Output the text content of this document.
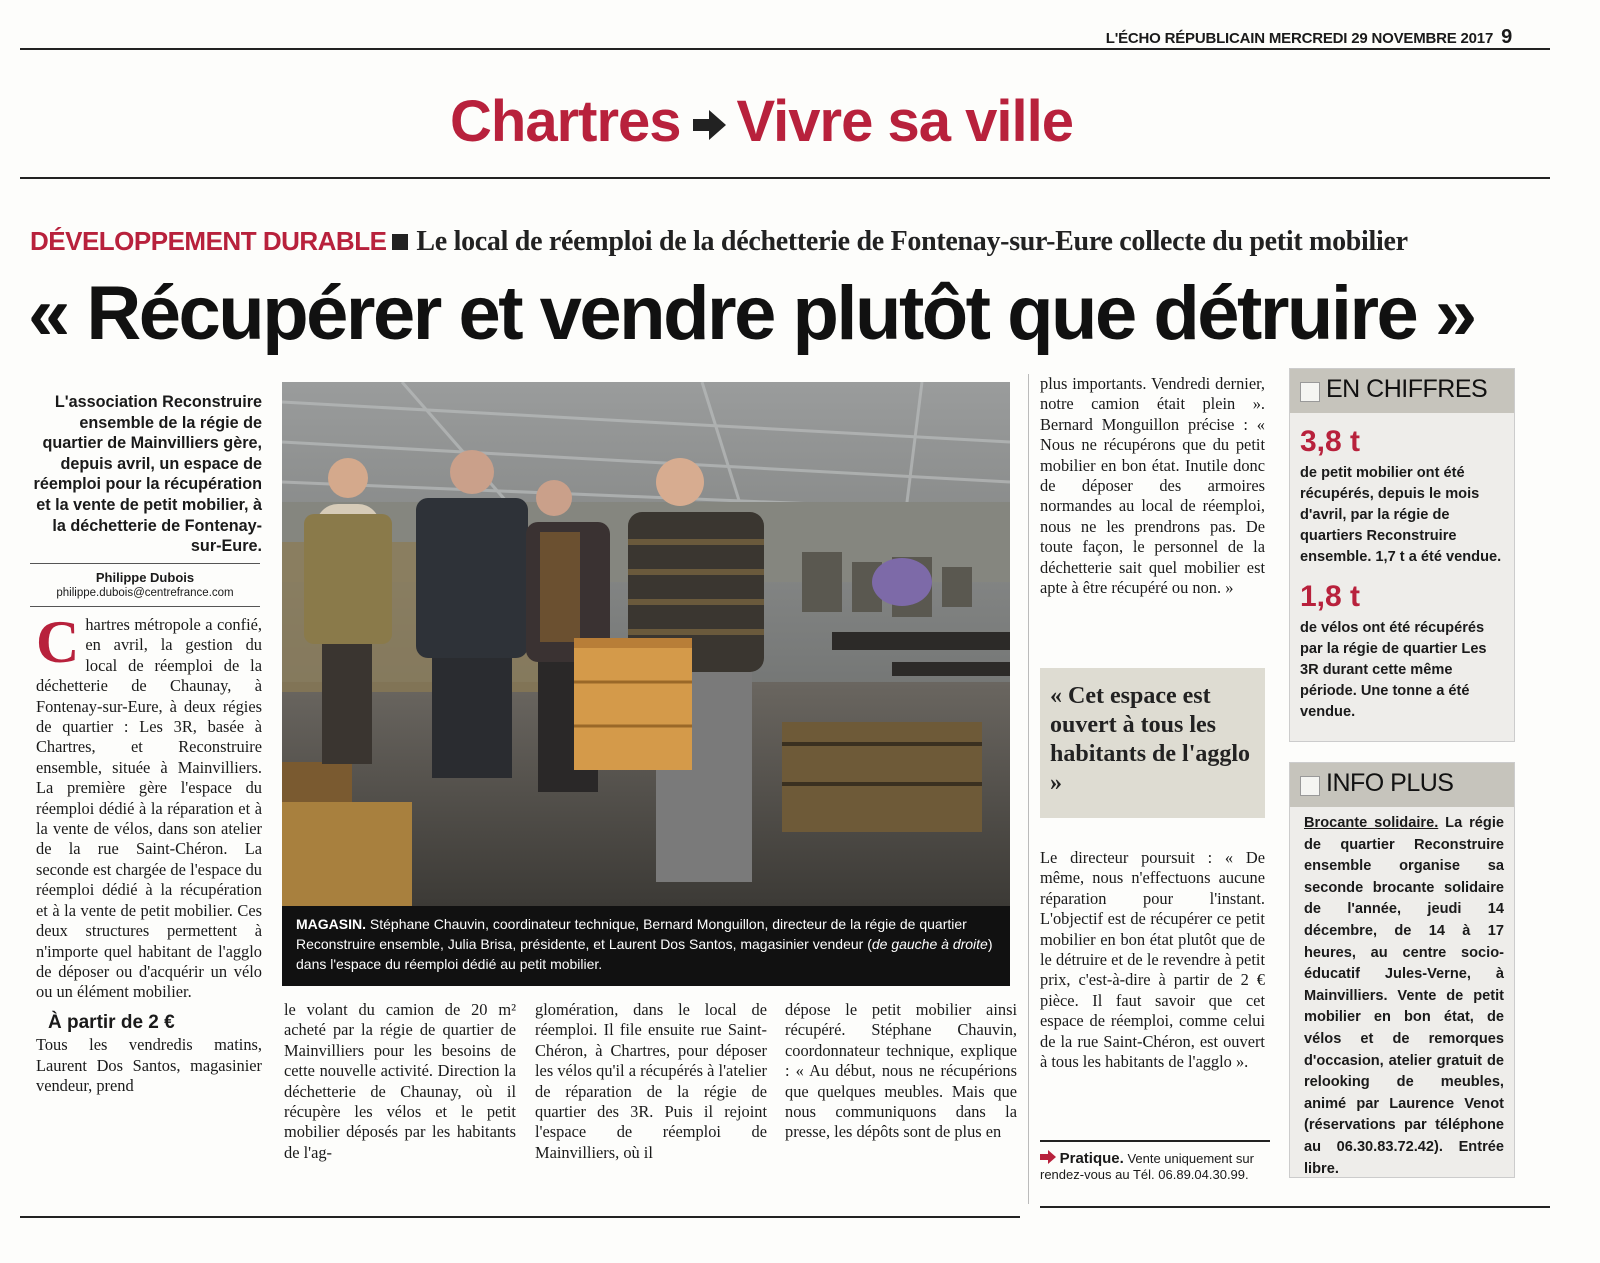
L'ÉCHO RÉPUBLICAIN MERCREDI 29 NOVEMBRE 2017 9
Chartres Vivre sa ville
DÉVELOPPEMENT DURABLE Le local de réemploi de la déchetterie de Fontenay-sur-Eure collecte du petit mobilier
« Récupérer et vendre plutôt que détruire »
L'association Reconstruire ensemble de la régie de quartier de Mainvilliers gère, depuis avril, un espace de réemploi pour la récupération et la vente de petit mobilier, à la déchetterie de Fontenay-sur-Eure.
Philippe Dubois
philippe.dubois@centrefrance.com

Chartres métropole a confié, en avril, la gestion du local de réemploi de la déchetterie de Chaunay, à Fontenay-sur-Eure, à deux régies de quartier : Les 3R, basée à Chartres, et Reconstruire ensemble, située à Mainvilliers. La première gère l'espace du réemploi dédié à la réparation et à la vente de vélos, dans son atelier de la rue Saint-Chéron. La seconde est chargée de l'espace du réemploi dédié à la récupération et à la vente de petit mobilier. Ces deux structures permettent à n'importe quel habitant de l'agglo de déposer ou d'acquérir un vélo ou un élément mobilier.

À partir de 2 €

Tous les vendredis matins, Laurent Dos Santos, magasinier vendeur, prend

MAGASIN. Stéphane Chauvin, coordinateur technique, Bernard Monguillon, directeur de la régie de quartier Reconstruire ensemble, Julia Brisa, présidente, et Laurent Dos Santos, magasinier vendeur (de gauche à droite) dans l'espace du réemploi dédié au petit mobilier.
le volant du camion de 20 m² acheté par la régie de quartier de Mainvilliers pour les besoins de cette nouvelle activité. Direction la déchetterie de Chaunay, où il récupère les vélos et le petit mobilier déposés par les habitants de l'ag-
glomération, dans le local de réemploi. Il file ensuite rue Saint-Chéron, à Chartres, pour déposer les vélos qu'il a récupérés à l'atelier de réparation de la régie de quartier des 3R. Puis il rejoint l'espace de réemploi de Mainvilliers, où il
dépose le petit mobilier ainsi récupéré. Stéphane Chauvin, coordonnateur technique, explique : « Au début, nous ne récupérions que quelques meubles. Mais que nous communiquons dans la presse, les dépôts sont de plus en
plus importants. Vendredi dernier, notre camion était plein ». Bernard Monguillon précise : « Nous ne récupérons que du petit mobilier en bon état. Inutile donc de déposer des armoires normandes au local de réemploi, nous ne les prendrons pas. De toute façon, le personnel de la déchetterie sait quel mobilier est apte à être récupéré ou non. »
« Cet espace est ouvert à tous les habitants de l'agglo »
Le directeur poursuit : « De même, nous n'effectuons aucune réparation pour l'instant. L'objectif est de récupérer ce petit mobilier en bon état plutôt que de le détruire et de le revendre à petit prix, c'est-à-dire à partir de 2 € pièce. Il faut savoir que cet espace de réemploi, comme celui de la rue Saint-Chéron, est ouvert à tous les habitants de l'agglo ».
Pratique. Vente uniquement sur rendez-vous au Tél. 06.89.04.30.99.
EN CHIFFRES
3,8 t
de petit mobilier ont été récupérés, depuis le mois d'avril, par la régie de quartiers Reconstruire ensemble. 1,7 t a été vendue.
1,8 t
de vélos ont été récupérés par la régie de quartier Les 3R durant cette même période. Une tonne a été vendue.
INFO PLUS
Brocante solidaire. La régie de quartier Reconstruire ensemble organise sa seconde brocante solidaire de l'année, jeudi 14 décembre, de 14 à 17 heures, au centre socio-éducatif Jules-Verne, à Mainvilliers. Vente de petit mobilier en bon état, de vélos et de remorques d'occasion, atelier gratuit de relooking de meubles, animé par Laurence Venot (réservations par téléphone au 06.30.83.72.42). Entrée libre.
